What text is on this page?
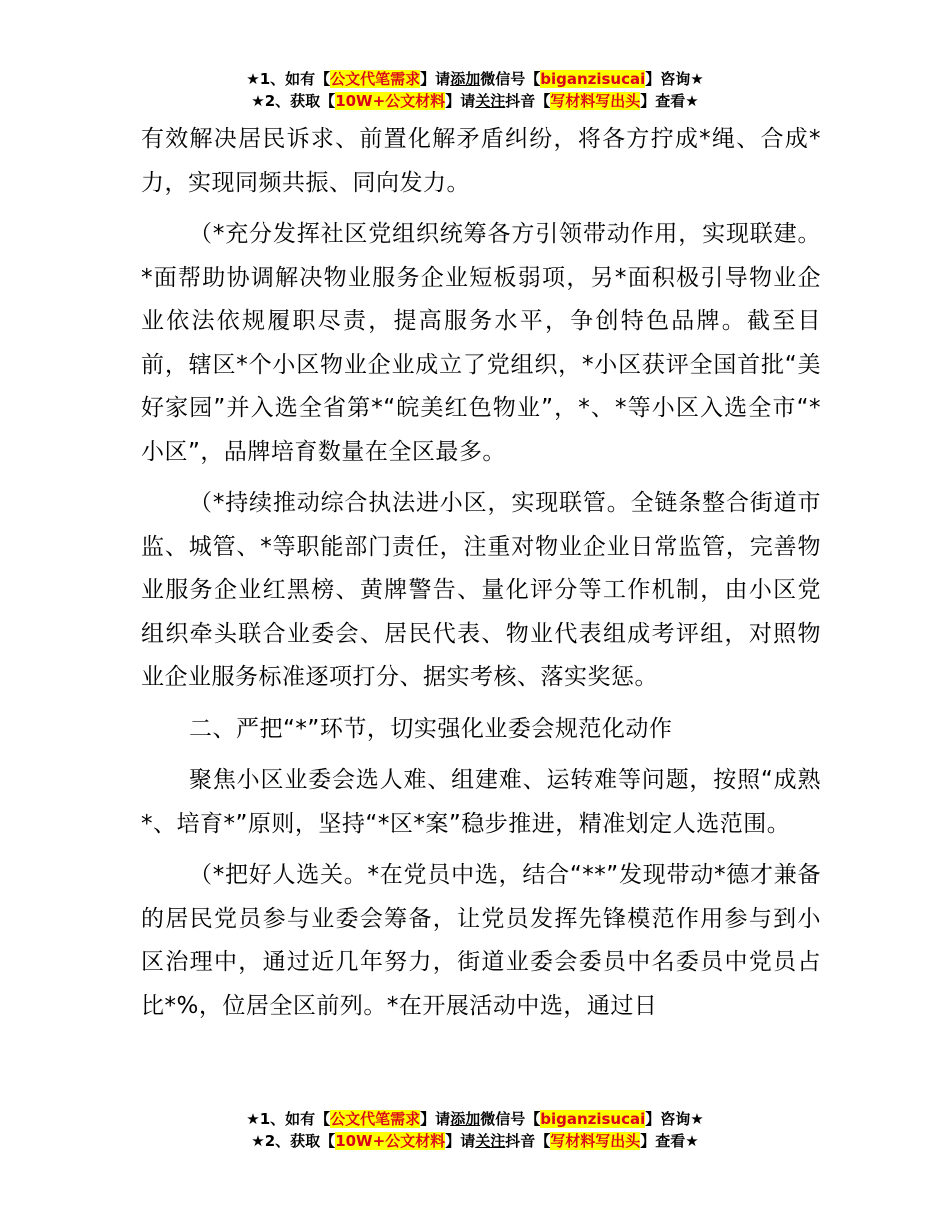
★1、如有【公文代笔需求】请添加微信号【biganzisucai】咨询★
★2、获取【10W+公文材料】请关注抖音【写材料写出头】查看★

有效解决居民诉求、前置化解矛盾纠纷，将各方拧成*绳、合成*力，实现同频共振、同向发力。

（*充分发挥社区党组织统筹各方引领带动作用，实现联建。*面帮助协调解决物业服务企业短板弱项，另*面积极引导物业企业依法依规履职尽责，提高服务水平，争创特色品牌。截至目前，辖区*个小区物业企业成立了党组织，*小区获评全国首批“美好家园”并入选全省第*“皖美红色物业”，*、*等小区入选全市“*小区”，品牌培育数量在全区最多。

（*持续推动综合执法进小区，实现联管。全链条整合街道市监、城管、*等职能部门责任，注重对物业企业日常监管，完善物业服务企业红黑榜、黄牌警告、量化评分等工作机制，由小区党组织牵头联合业委会、居民代表、物业代表组成考评组，对照物业企业服务标准逐项打分、据实考核、落实奖惩。

二、严把“*”环节，切实强化业委会规范化动作

聚焦小区业委会选人难、组建难、运转难等问题，按照“成熟*、培育*”原则，坚持“*区*案”稳步推进，精准划定人选范围。

（*把好人选关。*在党员中选，结合“**”发现带动*德才兼备的居民党员参与业委会筹备，让党员发挥先锋模范作用参与到小区治理中，通过近几年努力，街道业委会委员中名委员中党员占比*%，位居全区前列。*在开展活动中选，通过日

★1、如有【公文代笔需求】请添加微信号【biganzisucai】咨询★
★2、获取【10W+公文材料】请关注抖音【写材料写出头】查看★
